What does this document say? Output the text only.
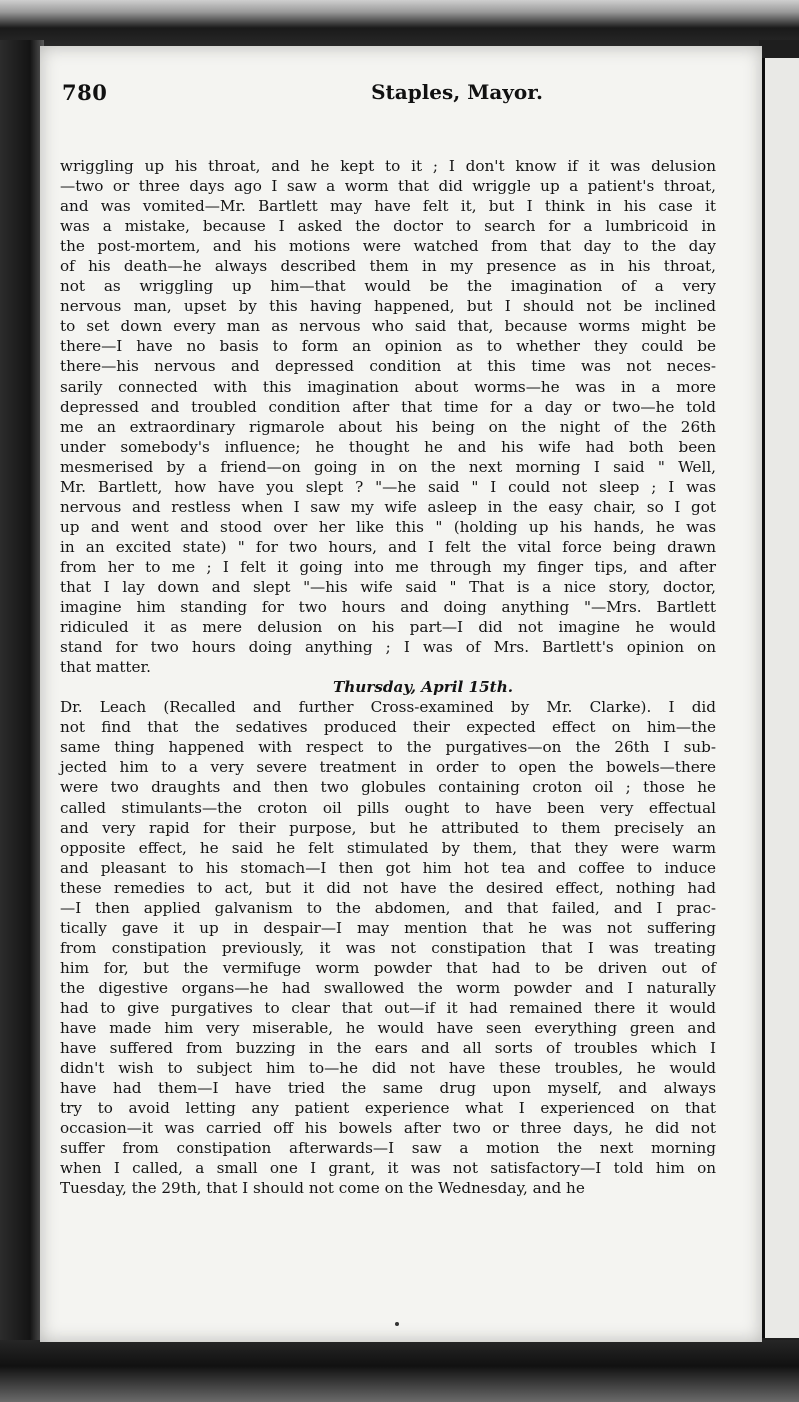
780	Staples, Mayor.
wriggling up his throat, and he kept to it ; I don't know if it was delusion
—two or three days ago I saw a worm that did wriggle up a patient's throat,
and was vomited—Mr. Bartlett may have felt it, but I think in his case it
was a mistake, because I asked the doctor to search for a lumbricoid in
the post-mortem, and his motions were watched from that day to the day
of his death—he always described them in my presence as in his throat,
not as wriggling up him—that would be the imagination of a very
nervous man, upset by this having happened, but I should not be inclined
to set down every man as nervous who said that, because worms might be
there—I have no basis to form an opinion as to whether they could be
there—his nervous and depressed condition at this time was not neces-
sarily connected with this imagination about worms—he was in a more
depressed and troubled condition after that time for a day or two—he told
me an extraordinary rigmarole about his being on the night of the 26th
under somebody's influence; he thought he and his wife had both been
mesmerised by a friend—on going in on the next morning I said " Well,
Mr. Bartlett, how have you slept ? "—he said " I could not sleep ; I was
nervous and restless when I saw my wife asleep in the easy chair, so I got
up and went and stood over her like this " (holding up his hands, he was
in an excited state) " for two hours, and I felt the vital force being drawn
from her to me ; I felt it going into me through my finger tips, and after
that I lay down and slept "—his wife said " That is a nice story, doctor,
imagine him standing for two hours and doing anything "—Mrs. Bartlett
ridiculed it as mere delusion on his part—I did not imagine he would
stand for two hours doing anything ; I was of Mrs. Bartlett's opinion on
that matter.
Thursday, April 15th.
Dr. Leach (Recalled and further Cross-examined by Mr. Clarke). I did
not find that the sedatives produced their expected effect on him—the
same thing happened with respect to the purgatives—on the 26th I sub-
jected him to a very severe treatment in order to open the bowels—there
were two draughts and then two globules containing croton oil ; those he
called stimulants—the croton oil pills ought to have been very effectual
and very rapid for their purpose, but he attributed to them precisely an
opposite effect, he said he felt stimulated by them, that they were warm
and pleasant to his stomach—I then got him hot tea and coffee to induce
these remedies to act, but it did not have the desired effect, nothing had
—I then applied galvanism to the abdomen, and that failed, and I prac-
tically gave it up in despair—I may mention that he was not suffering
from constipation previously, it was not constipation that I was treating
him for, but the vermifuge worm powder that had to be driven out of
the digestive organs—he had swallowed the worm powder and I naturally
had to give purgatives to clear that out—if it had remained there it would
have made him very miserable, he would have seen everything green and
have suffered from buzzing in the ears and all sorts of troubles which I
didn't wish to subject him to—he did not have these troubles, he would
have had them—I have tried the same drug upon myself, and always
try to avoid letting any patient experience what I experienced on that
occasion—it was carried off his bowels after two or three days, he did not
suffer from constipation afterwards—I saw a motion the next morning
when I called, a small one I grant, it was not satisfactory—I told him on
Tuesday, the 29th, that I should not come on the Wednesday, and he
